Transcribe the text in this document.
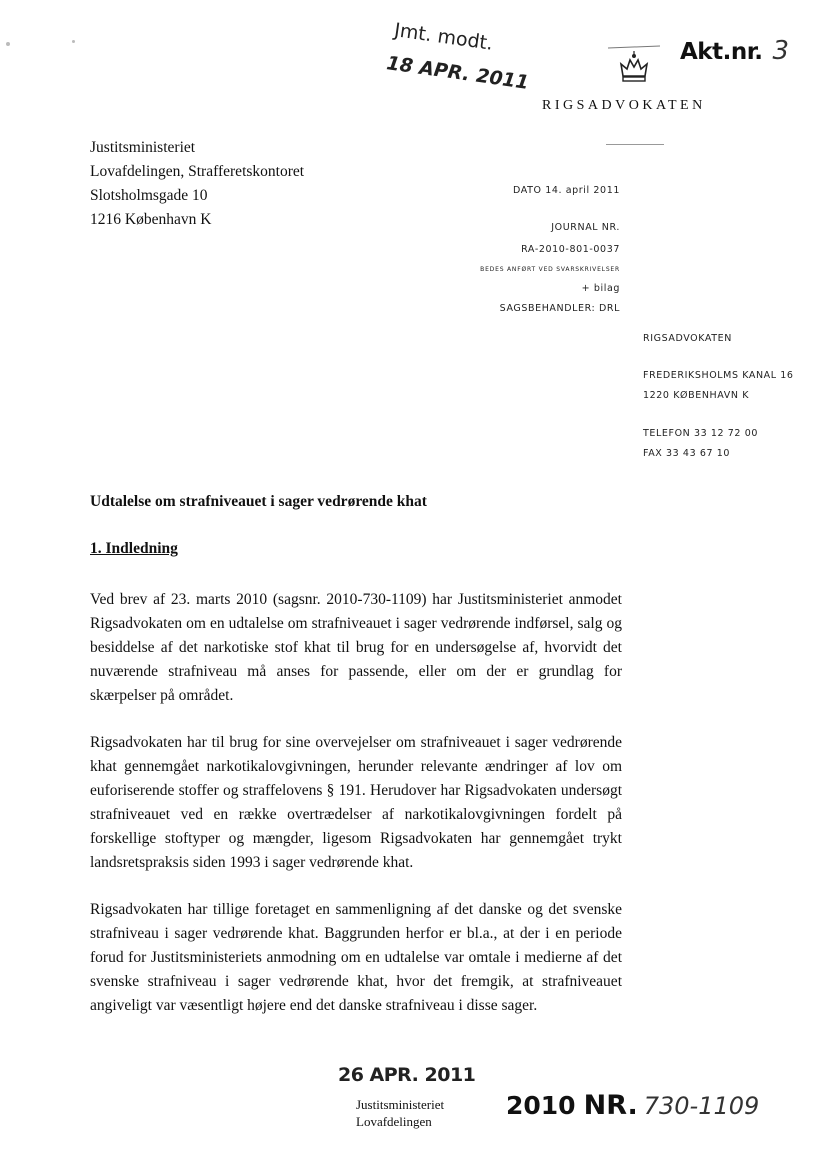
Jmt. modt.
18 APR. 2011
Akt.nr. 3
RIGSADVOKATEN
Justitsministeriet
Lovafdelingen, Strafferetskontoret
Slotsholmsgade 10
1216 København K
DATO 14. april 2011
JOURNAL NR.
RA-2010-801-0037
BEDES ANFØRT VED SVARSKRIVELSER
+ bilag
SAGSBEHANDLER: DRL
RIGSADVOKATEN
FREDERIKSHOLMS KANAL 16
1220 KØBENHAVN K
TELEFON 33 12 72 00
FAX 33 43 67 10
Udtalelse om strafniveauet i sager vedrørende khat
1. Indledning
Ved brev af 23. marts 2010 (sagsnr. 2010-730-1109) har Justitsministeriet anmodet Rigsadvokaten om en udtalelse om strafniveauet i sager vedrørende indførsel, salg og besiddelse af det narkotiske stof khat til brug for en undersøgelse af, hvorvidt det nuværende strafniveau må anses for passende, eller om der er grundlag for skærpelser på området.
Rigsadvokaten har til brug for sine overvejelser om strafniveauet i sager vedrørende khat gennemgået narkotikalovgivningen, herunder relevante ændringer af lov om euforiserende stoffer og straffelovens § 191. Herudover har Rigsadvokaten undersøgt strafniveauet ved en række overtrædelser af narkotikalovgivningen fordelt på forskellige stoftyper og mængder, ligesom Rigsadvokaten har gennemgået trykt landsretspraksis siden 1993 i sager vedrørende khat.
Rigsadvokaten har tillige foretaget en sammenligning af det danske og det svenske strafniveau i sager vedrørende khat. Baggrunden herfor er bl.a., at der i en periode forud for Justitsministeriets anmodning om en udtalelse var omtale i medierne af det svenske strafniveau i sager vedrørende khat, hvor det fremgik, at strafniveauet angiveligt var væsentligt højere end det danske strafniveau i disse sager.
26 APR. 2011
Justitsministeriet
Lovafdelingen
2010 NR. 730-1109
